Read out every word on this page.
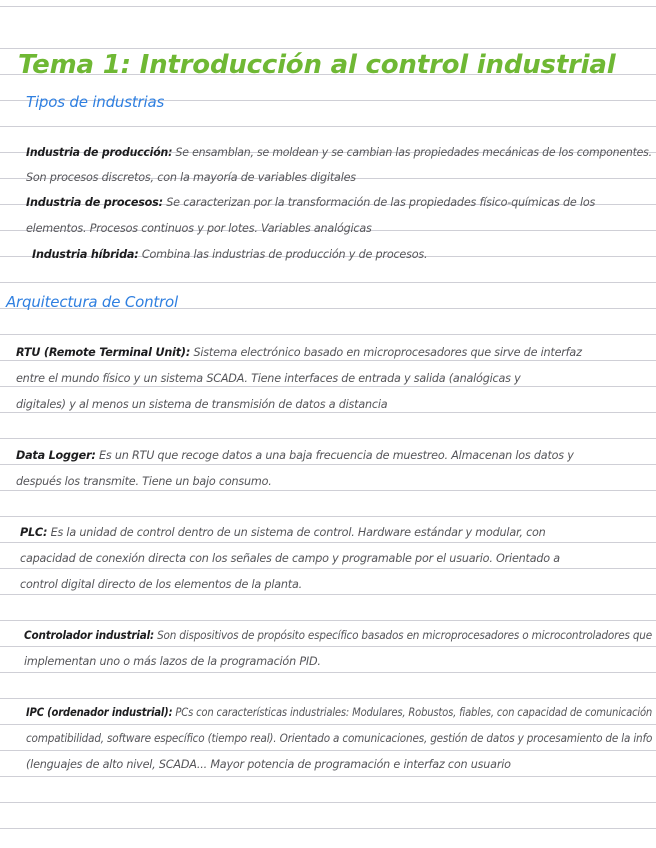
Tema 1: Introducción al control industrial
Tipos de industrias
Industria de producción: Se ensamblan, se moldean y se cambian las propiedades mecánicas de los componentes.
Son procesos discretos, con la mayoría de variables digitales
Industria de procesos: Se caracterizan por la transformación de las propiedades físico-químicas de los
elementos. Procesos continuos y por lotes. Variables analógicas
Industria híbrida: Combina las industrias de producción y de procesos.
Arquitectura de Control
RTU (Remote Terminal Unit): Sistema electrónico basado en microprocesadores que sirve de interfaz
entre el mundo físico y un sistema SCADA. Tiene interfaces de entrada y salida (analógicas y
digitales) y al menos un sistema de transmisión de datos a distancia
Data Logger: Es un RTU que recoge datos a una baja frecuencia de muestreo. Almacenan los datos y
después los transmite. Tiene un bajo consumo.
PLC: Es la unidad de control dentro de un sistema de control. Hardware estándar y modular, con
capacidad de conexión directa con los señales de campo y programable por el usuario. Orientado a
control digital directo de los elementos de la planta.
Controlador industrial: Son dispositivos de propósito específico basados en microprocesadores o microcontroladores que
implementan uno o más lazos de la programación PID.
IPC (ordenador industrial): PCs con características industriales: Modulares, Robustos, fiables, con capacidad de comunicación
compatibilidad, software específico (tiempo real). Orientado a comunicaciones, gestión de datos y procesamiento de la info
(lenguajes de alto nivel, SCADA... Mayor potencia de programación e interfaz con usuario
